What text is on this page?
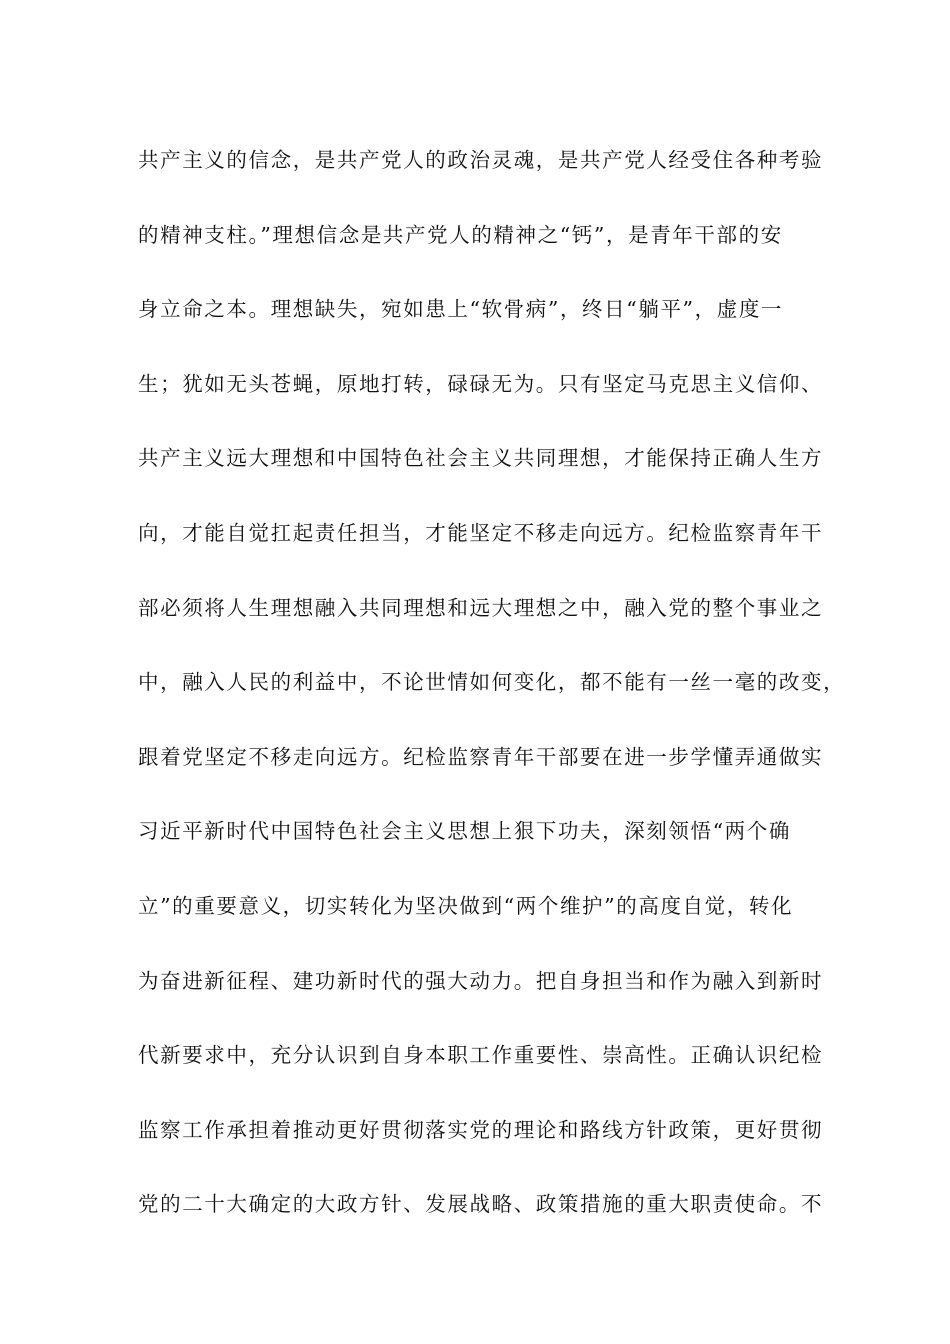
共产主义的信念，是共产党人的政治灵魂，是共产党人经受住各种考验
的精神支柱。”理想信念是共产党人的精神之“钙”，是青年干部的安
身立命之本。理想缺失，宛如患上“软骨病”，终日“躺平”，虚度一
生；犹如无头苍蝇，原地打转，碌碌无为。只有坚定马克思主义信仰、
共产主义远大理想和中国特色社会主义共同理想，才能保持正确人生方
向，才能自觉扛起责任担当，才能坚定不移走向远方。纪检监察青年干
部必须将人生理想融入共同理想和远大理想之中，融入党的整个事业之
中，融入人民的利益中，不论世情如何变化，都不能有一丝一毫的改变，
跟着党坚定不移走向远方。纪检监察青年干部要在进一步学懂弄通做实
习近平新时代中国特色社会主义思想上狠下功夫，深刻领悟“两个确
立”的重要意义，切实转化为坚决做到“两个维护”的高度自觉，转化
为奋进新征程、建功新时代的强大动力。把自身担当和作为融入到新时
代新要求中，充分认识到自身本职工作重要性、崇高性。正确认识纪检
监察工作承担着推动更好贯彻落实党的理论和路线方针政策，更好贯彻
党的二十大确定的大政方针、发展战略、政策措施的重大职责使命。不
